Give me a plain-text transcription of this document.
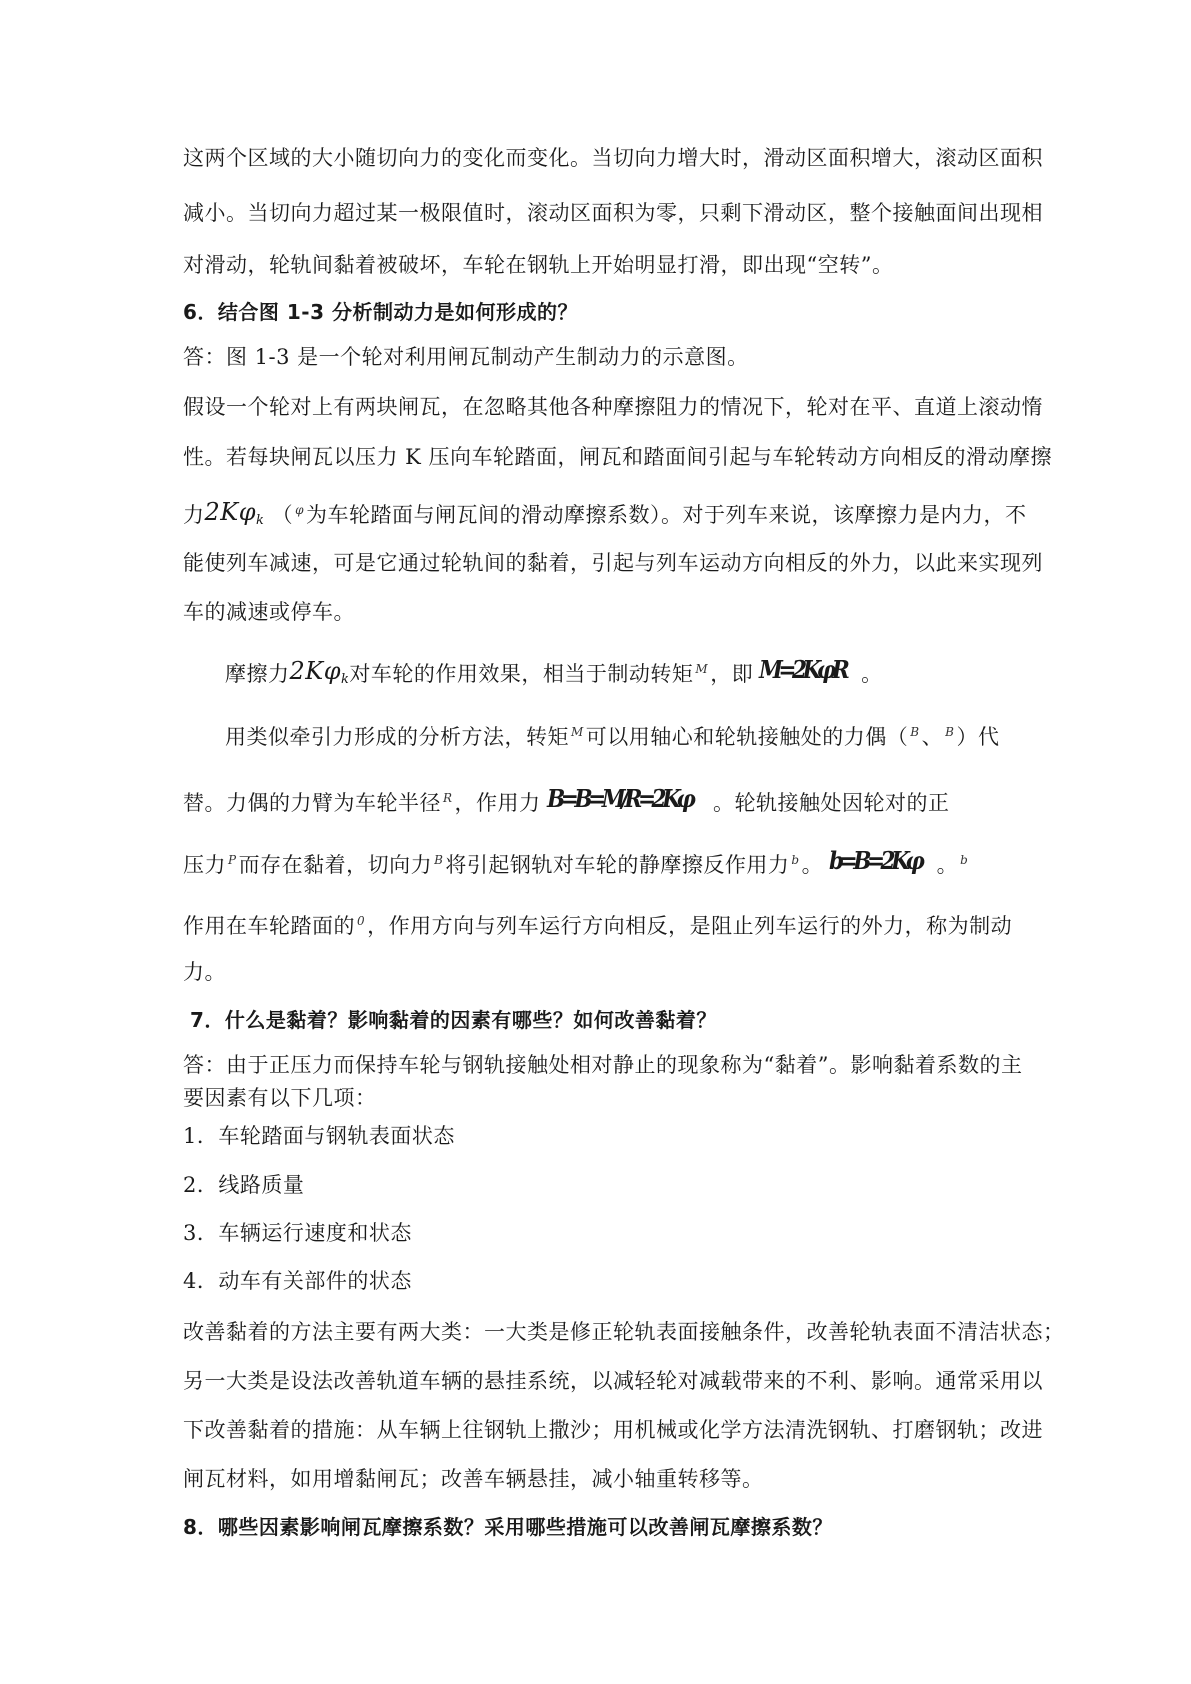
这两个区域的大小随切向力的变化而变化。当切向力增大时，滑动区面积增大，滚动区面积
减小。当切向力超过某一极限值时，滚动区面积为零，只剩下滑动区，整个接触面间出现相
对滑动，轮轨间黏着被破坏，车轮在钢轨上开始明显打滑，即出现“空转”。
6．结合图 1-3 分析制动力是如何形成的？
答：图 1-3 是一个轮对利用闸瓦制动产生制动力的示意图。
假设一个轮对上有两块闸瓦，在忽略其他各种摩擦阻力的情况下，轮对在平、直道上滚动惰
性。若每块闸瓦以压力 K 压向车轮踏面，闸瓦和踏面间引起与车轮转动方向相反的滑动摩擦
力$2K\varphi_k$ （ $^\varphi$为车轮踏面与闸瓦间的滑动摩擦系数）。对于列车来说，该摩擦力是内力，不
能使列车减速，可是它通过轮轨间的黏着，引起与列车运动方向相反的外力，以此来实现列
车的减速或停车。
摩擦力$2K\varphi_k$对车轮的作用效果，相当于制动转矩 $^M$，即 M=2KφR 。
用类似牵引力形成的分析方法，转矩 $^M$可以用轴心和轮轨接触处的力偶（ $^B$、 $^B$）代
替。力偶的力臂为车轮半径 $^R$，作用力 B=B=M/R=2Kφ 。轮轨接触处因轮对的正
压力 $^P$而存在黏着，切向力 $^B$将引起钢轨对车轮的静摩擦反作用力 $^b$。 b=B=2Kφ 。 $^b$
作用在车轮踏面的 $^0$，作用方向与列车运行方向相反，是阻止列车运行的外力，称为制动
力。
7．什么是黏着？影响黏着的因素有哪些？如何改善黏着？
答：由于正压力而保持车轮与钢轨接触处相对静止的现象称为“黏着”。影响黏着系数的主
要因素有以下几项：
1．车轮踏面与钢轨表面状态
2．线路质量
3．车辆运行速度和状态
4．动车有关部件的状态
改善黏着的方法主要有两大类：一大类是修正轮轨表面接触条件，改善轮轨表面不清洁状态；
另一大类是设法改善轨道车辆的悬挂系统，以减轻轮对减载带来的不利、影响。通常采用以
下改善黏着的措施：从车辆上往钢轨上撒沙；用机械或化学方法清洗钢轨、打磨钢轨；改进
闸瓦材料，如用增黏闸瓦；改善车辆悬挂，减小轴重转移等。
8．哪些因素影响闸瓦摩擦系数？采用哪些措施可以改善闸瓦摩擦系数？
